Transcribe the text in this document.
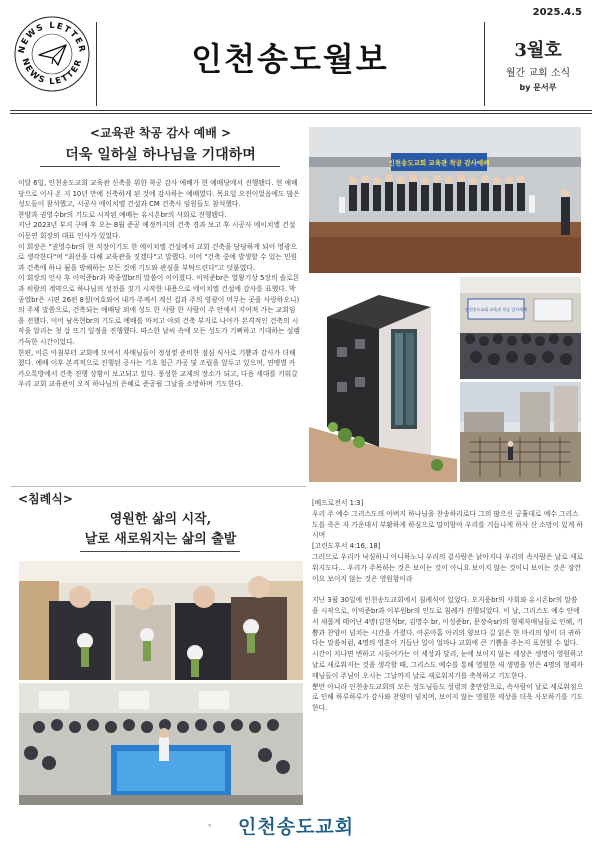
2025.4.5
NEWS LETTER
NEWS LETTER	인천송도월보	3월호
월간 교회 소식
by 문서부
<교육관 착공 감사 예배 >
더욱 일하실 하나님을 기대하며

이달 6일, 인천송도교회 교육관 신축을 위한 착공 감사 예배가 현 예배당에서 진행됐다. 현 예배당으로 이사 온 지 10년 만에 신축하게 된 것에 감사하는 예배였다. 목요일 오전이었음에도 많은 성도들이 참석했고, 시공사 에이치엘 건설과 CM 건축사 임원들도 참석했다.

찬양과 권영수br의 기도로 시작된 예배는 유시온br의 사회로 진행됐다.

지난 2023년 부지 구매 후 오는 8월 준공 예정까지의 건축 경과 보고 후 시공사 에이치엘 건설 이동연 회장의 대표 인사가 있었다.

이 회장은 "권영수br의 현 직장이기도 한 에이치엘 건설에서 교회 건축을 담당하게 되어 영광으로 생각한다"며 "최선을 다해 교육관을 짓겠다"고 말했다. 이어 "건축 중에 발생할 수 있는 민원과 건축에 하나 됨을 방해하는 모든 것에 기도와 관심을 부탁드린다"고 덧붙였다.

이 회장의 인사 후 이억준br과 박종열br의 말씀이 이어졌다. 이억준br은 열왕기상 5장의 솔로몬과 히람의 계약으로 하나님의 성전을 짓기 시작한 내용으로 에이치엘 건설에 감사를 표했다. 박종열br은 시편 26편 8절(여호와여 내가 주께서 계신 집과 주의 영광이 머무는 곳을 사랑하오니)의 주제 말씀으로, 건축되는 예배당 외에 성도 한 사람 한 사람이 주 안에서 지어져 가는 교회임을 전했다. 이어 남옥현br의 기도로 예배를 마치고 야외 건축 부지로 나아가 본격적인 건축의 시작을 알리는 첫 삽 뜨기 일정을 진행했다. 따스한 날씨 속에 모든 성도가 기뻐하고 기대하는 설렘 가득한 시간이었다.

한편, 이른 아침부터 교회에 모여서 자매님들이 정성껏 준비한 점심 식사로 기쁨과 감사가 더해졌다. 예배 이후 본격적으로 진행된 공사는 기초 철근 가공 및 조립을 앞두고 있으며, 연맹별 카카오톡방에서 건축 진행 상황이 보고되고 있다. 풍성한 교제의 장소가 되고, 다음 세대를 키워갈 우리 교회 교육관이 오직 하나님의 은혜로 준공될 그날을 소망하며 기도한다.

인천송도교회 교육관 착공 감사예배
인천송도교회 교육관 착공 감사예배
<침례식>
영원한 삶의 시작,
날로 새로워지는 삶의 출발

[베드로전서 1:3]

우리 주 예수 그리스도의 아버지 하나님을 찬송하리로다 그의 많으신 긍휼대로 예수 그리스도를 죽은 자 가운데서 부활하게 하심으로 말미암아 우리를 거듭나게 하사 산 소망이 있게 하시며

[고린도후서 4:16, 18]

그러므로 우리가 낙심하니 아니하노니 우리의 겉사람은 낡아지나 우리의 속사람은 날로 새로워지도다… 우리가 주목하는 것은 보이는 것이 아니요 보이지 않는 것이니 보이는 것은 잠깐이요 보이지 않는 것은 영원함이라

지난 3월 30일에 인천송도교회에서 침례식이 있었다. 오지웅br의 사회와 유시온br의 말씀을 시작으로, 이억준br과 이부원br의 인도로 침례가 진행되었다. 이 날, 그리스도 예수 안에서 새롭게 태어난 4명(김현석br, 김명수 br, 이성준br, 문장숙sr)의 형제자매님들로 인해, 기쁨과 찬양이 넘치는 시간을 가졌다. 아론아홉 아리의 양보다 길 읽은 한 마리의 양이 더 귀하다는 말씀처럼, 4명의 영혼이 거듭난 일이 얼마나 교회에 큰 기쁨을 주는지 표현할 수 없다.

시간이 지나면 변하고 시들어가는 이 세상과 달리, 눈에 보이지 않는 세상은 생명이 영원하고 날로 새로워지는 것을 생각할 때, 그리스도 예수를 통해 영원한 새 생명을 얻은 4명의 형제자매님들이 주님이 오시는 그날까지 날로 새로워지기를 축복하고 기도한다.

뿐만 아니라 인천송도교회의 모든 성도님들도 성령의 충만함으로, 속사람이 날로 새로워짐으로 인해 하루하루가 감사와 찬양이 넘치며, 보이지 않는 영원한 세상을 더욱 사모하기를 기도한다.

인천송도교회
